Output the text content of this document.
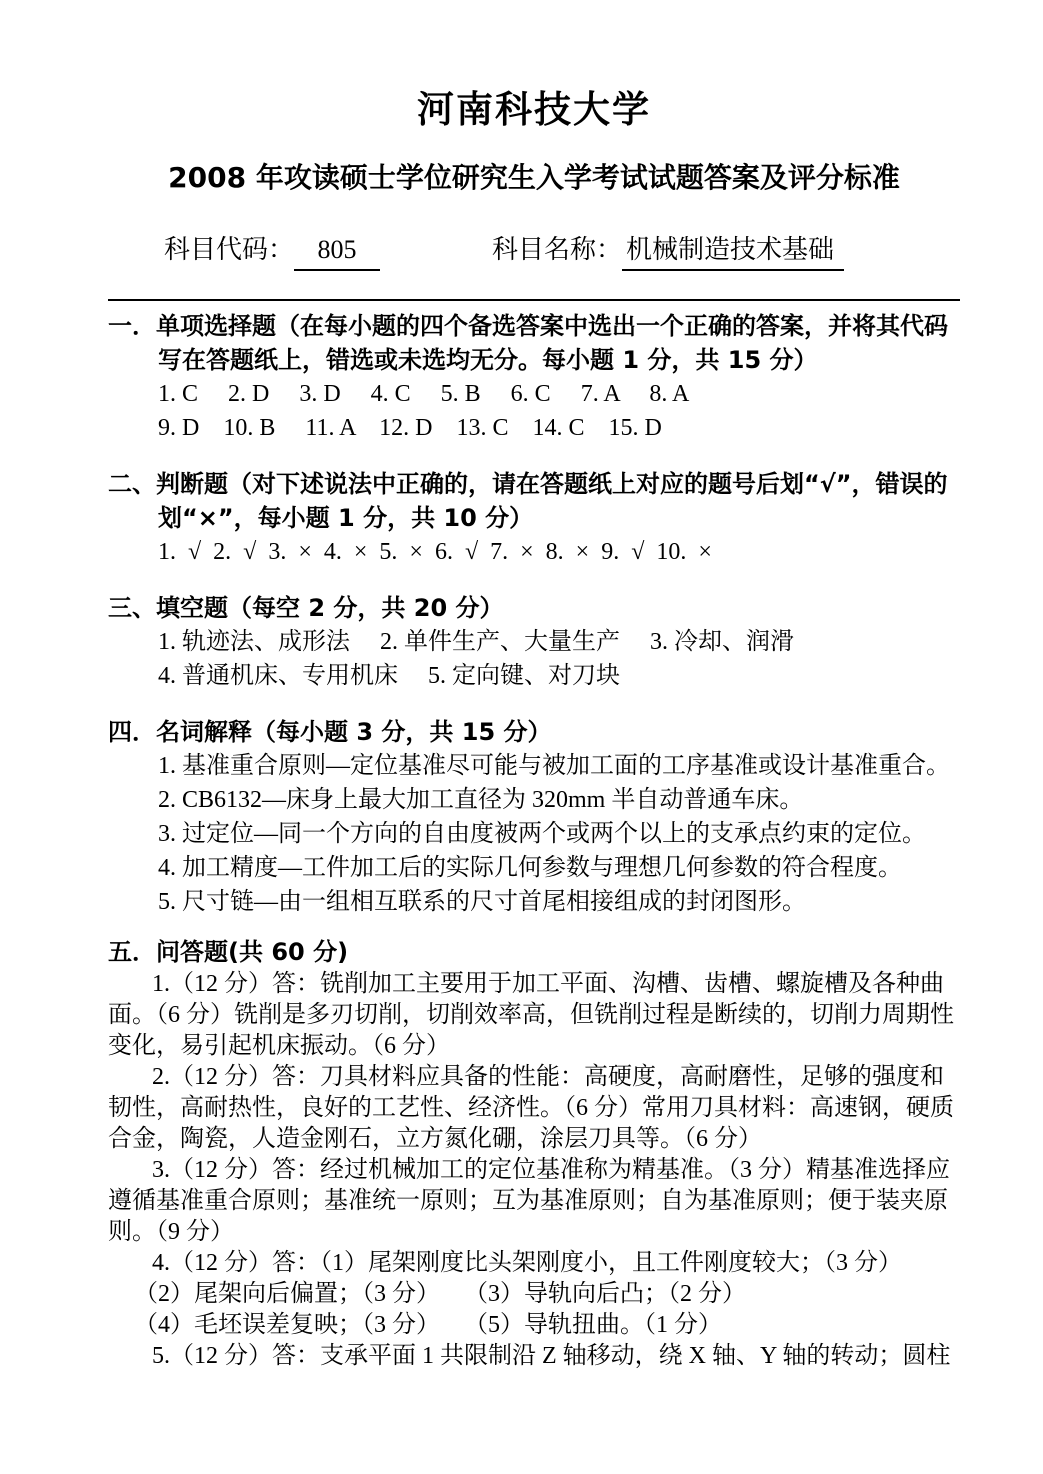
河南科技大学
2008 年攻读硕士学位研究生入学考试试题答案及评分标准
科目代码： 805	科目名称： 机械制造技术基础
一．单项选择题（在每小题的四个备选答案中选出一个正确的答案，并将其代码写在答题纸上，错选或未选均无分。每小题 1 分，共 15 分）

1. C　 2. D　 3. D　 4. C　 5. B　 6. C　 7. A　 8. A

9. D　10. B　 11. A　12. D　13. C　14. C　15. D

二、判断题（对下述说法中正确的，请在答题纸上对应的题号后划“√”，错误的划“×”，每小题 1 分，共 10 分）

1.  √  2.  √  3.  ×  4.  ×  5.  ×  6.  √  7.  ×  8.  ×  9.  √  10.  ×

三、填空题（每空 2 分，共 20 分）

1. 轨迹法、成形法　 2. 单件生产、大量生产　 3. 冷却、润滑

4. 普通机床、专用机床　 5. 定向键、对刀块

四．名词解释（每小题 3 分，共 15 分）

1. 基准重合原则—定位基准尽可能与被加工面的工序基准或设计基准重合。

2. CB6132—床身上最大加工直径为 320mm 半自动普通车床。

3. 过定位—同一个方向的自由度被两个或两个以上的支承点约束的定位。

4. 加工精度—工件加工后的实际几何参数与理想几何参数的符合程度。

5. 尺寸链—由一组相互联系的尺寸首尾相接组成的封闭图形。

五．问答题(共 60 分)

1.（12 分）答：铣削加工主要用于加工平面、沟槽、齿槽、螺旋槽及各种曲

面。（6 分）铣削是多刃切削，切削效率高，但铣削过程是断续的，切削力周期性

变化，易引起机床振动。（6 分）

2.（12 分）答：刀具材料应具备的性能：高硬度，高耐磨性，足够的强度和

韧性，高耐热性，良好的工艺性、经济性。（6 分）常用刀具材料：高速钢，硬质

合金，陶瓷，人造金刚石，立方氮化硼，涂层刀具等。（6 分）

3.（12 分）答：经过机械加工的定位基准称为精基准。（3 分）精基准选择应

遵循基准重合原则；基准统一原则；互为基准原则；自为基准原则；便于装夹原

则。（9 分）

4.（12 分）答：（1）尾架刚度比头架刚度小，且工件刚度较大；（3 分）

（2）尾架向后偏置；（3 分）　　（3）导轨向后凸；（2 分）

（4）毛坯误差复映；（3 分）　　（5）导轨扭曲。（1 分）

5.（12 分）答：支承平面 1 共限制沿 Z 轴移动，绕 X 轴、Y 轴的转动；圆柱
